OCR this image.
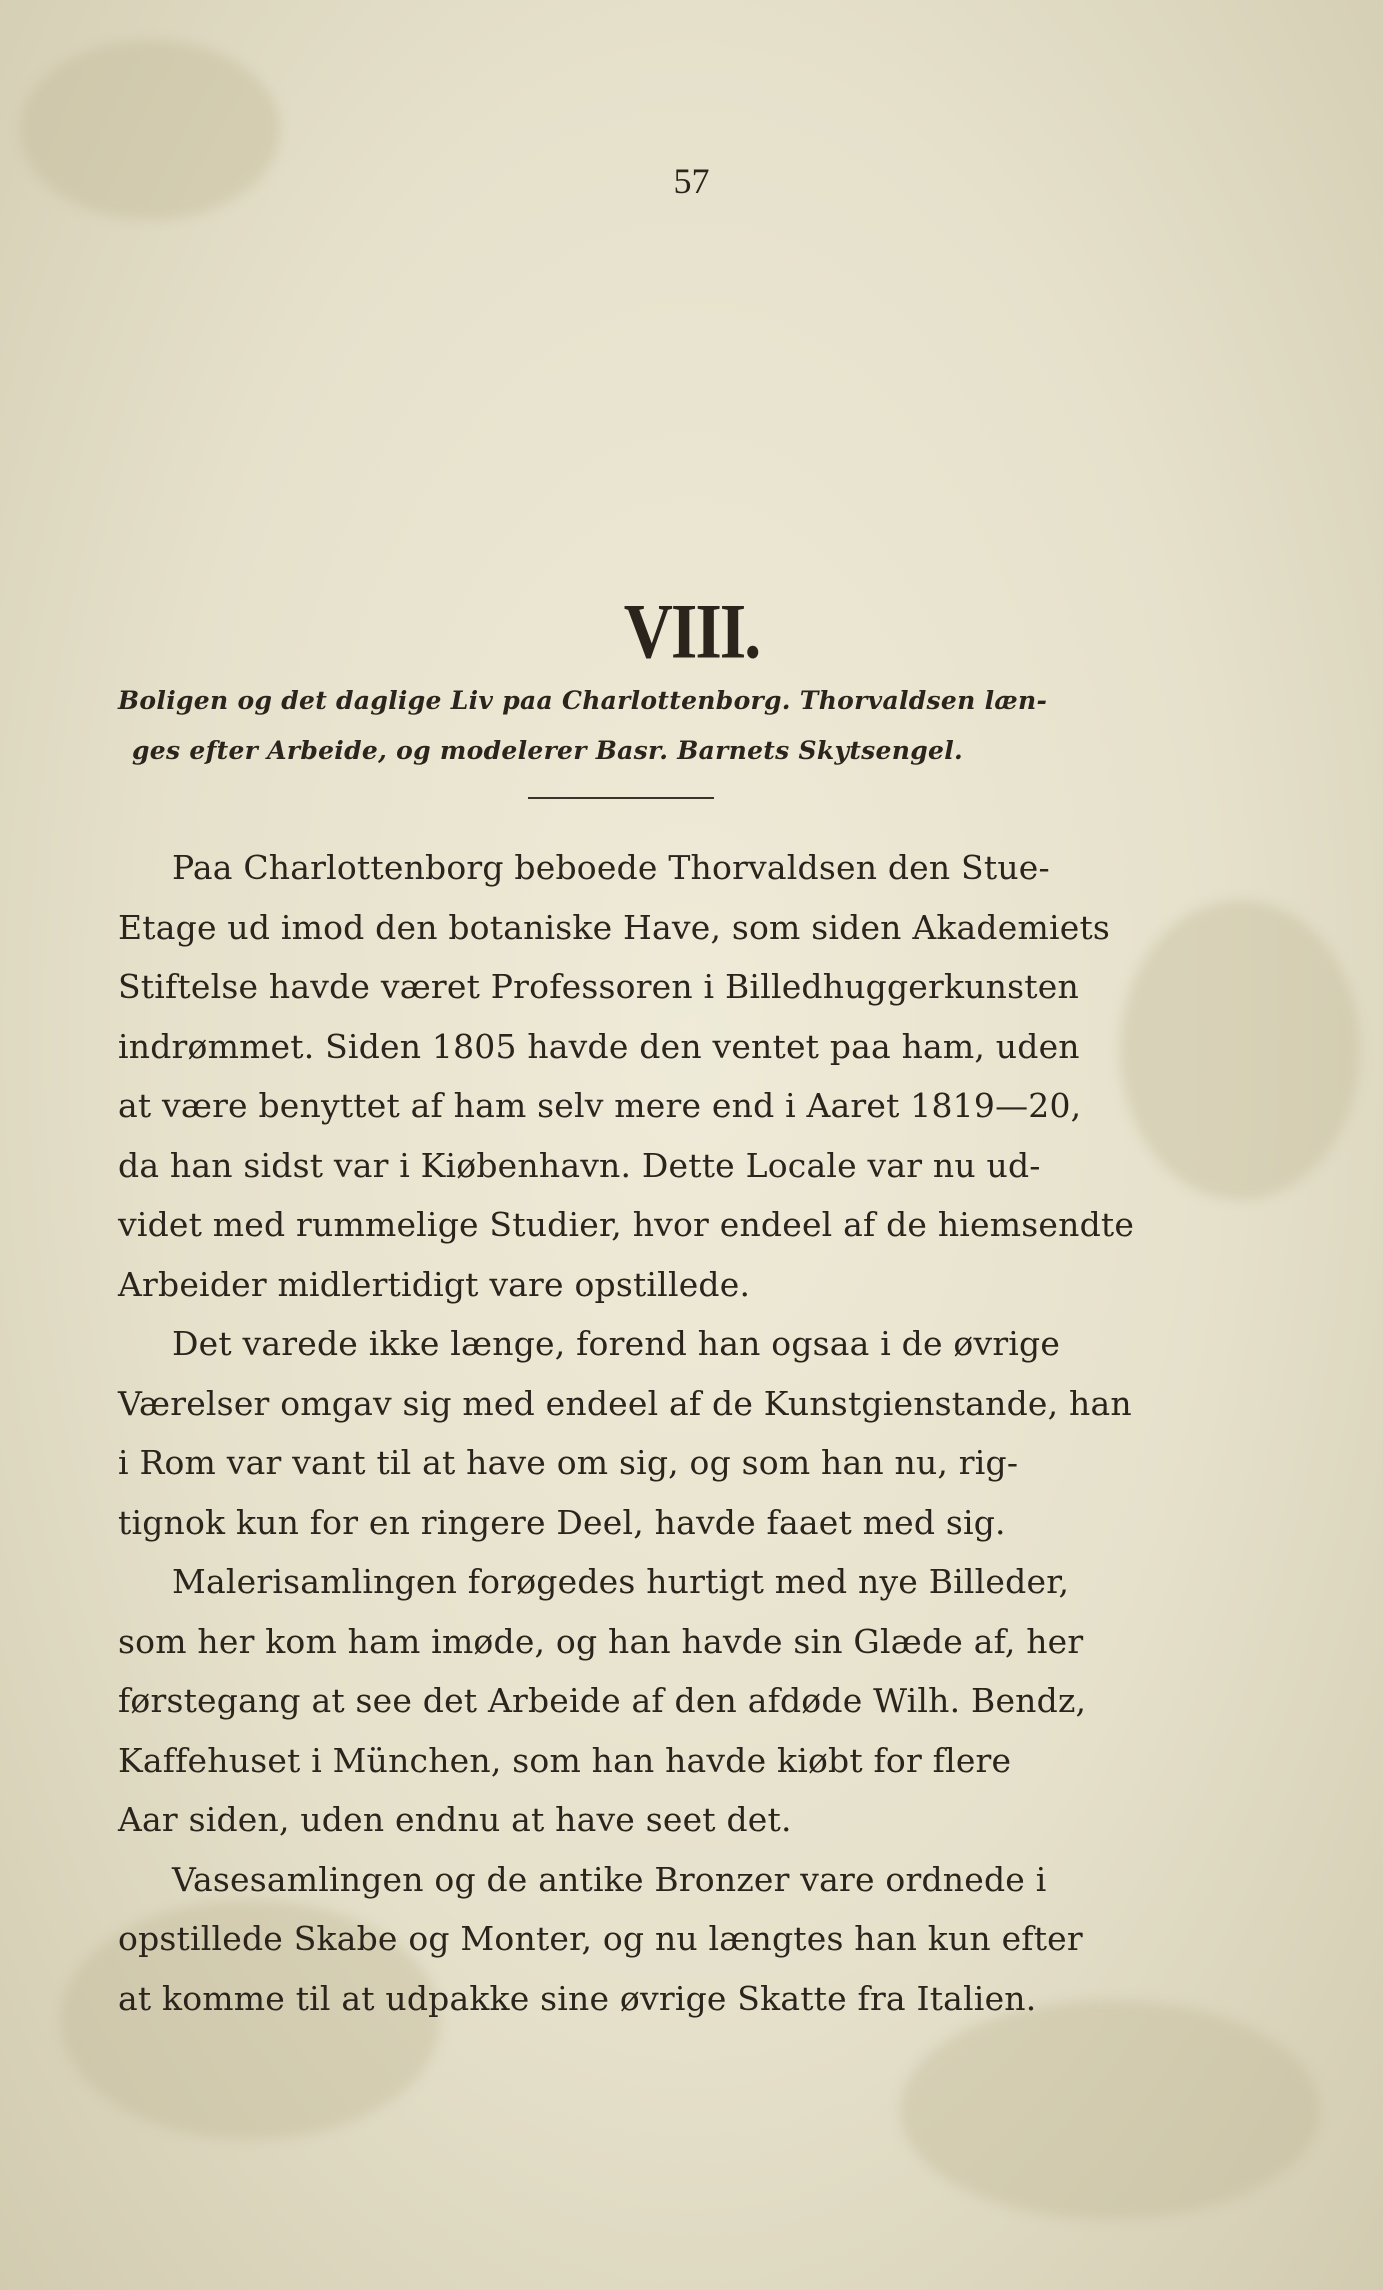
57
VIII.
Boligen og det daglige Liv paa Charlottenborg. Thorvaldsen læn-
ges efter Arbeide, og modelerer Basr. Barnets Skytsengel.
Paa Charlottenborg beboede Thorvaldsen den Stue-
Etage ud imod den botaniske Have, som siden Akademiets
Stiftelse havde været Professoren i Billedhuggerkunsten
indrømmet. Siden 1805 havde den ventet paa ham, uden
at være benyttet af ham selv mere end i Aaret 1819—20,
da han sidst var i Kiøbenhavn. Dette Locale var nu ud-
videt med rummelige Studier, hvor endeel af de hiemsendte
Arbeider midlertidigt vare opstillede.
Det varede ikke længe, forend han ogsaa i de øvrige
Værelser omgav sig med endeel af de Kunstgienstande, han
i Rom var vant til at have om sig, og som han nu, rig-
tignok kun for en ringere Deel, havde faaet med sig.
Malerisamlingen forøgedes hurtigt med nye Billeder,
som her kom ham imøde, og han havde sin Glæde af, her
førstegang at see det Arbeide af den afdøde Wilh. Bendz,
Kaffehuset i München, som han havde kiøbt for flere
Aar siden, uden endnu at have seet det.
Vasesamlingen og de antike Bronzer vare ordnede i
opstillede Skabe og Monter, og nu længtes han kun efter
at komme til at udpakke sine øvrige Skatte fra Italien.
